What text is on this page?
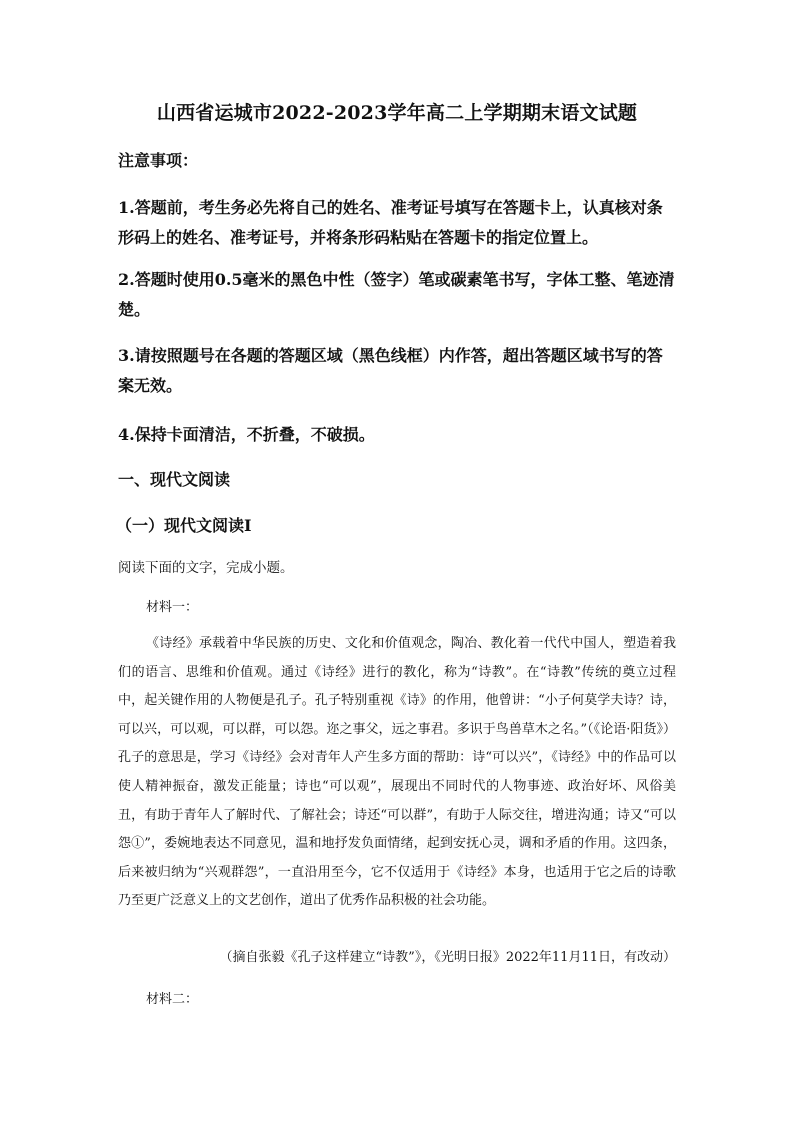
山西省运城市2022-2023学年高二上学期期末语文试题

注意事项：

1.答题前，考生务必先将自己的姓名、准考证号填写在答题卡上，认真核对条形码上的姓名、准考证号，并将条形码粘贴在答题卡的指定位置上。

2.答题时使用0.5毫米的黑色中性（签字）笔或碳素笔书写，字体工整、笔迹清楚。

3.请按照题号在各题的答题区域（黑色线框）内作答，超出答题区域书写的答案无效。

4.保持卡面清洁，不折叠，不破损。

一、现代文阅读

（一）现代文阅读Ⅰ

阅读下面的文字，完成小题。

材料一：

《诗经》承载着中华民族的历史、文化和价值观念，陶冶、教化着一代代中国人，塑造着我们的语言、思维和价值观。通过《诗经》进行的教化，称为“诗教”。在“诗教”传统的奠立过程中，起关键作用的人物便是孔子。孔子特别重视《诗》的作用，他曾讲：“小子何莫学夫诗？诗，可以兴，可以观，可以群，可以怨。迩之事父，远之事君。多识于鸟兽草木之名。”（《论语·阳货》）孔子的意思是，学习《诗经》会对青年人产生多方面的帮助：诗“可以兴”，《诗经》中的作品可以使人精神振奋，激发正能量；诗也“可以观”，展现出不同时代的人物事迹、政治好坏、风俗美丑，有助于青年人了解时代、了解社会；诗还“可以群”，有助于人际交往，增进沟通；诗又“可以怨①”，委婉地表达不同意见，温和地抒发负面情绪，起到安抚心灵，调和矛盾的作用。这四条，后来被归纳为“兴观群怨”，一直沿用至今，它不仅适用于《诗经》本身，也适用于它之后的诗歌乃至更广泛意义上的文艺创作，道出了优秀作品积极的社会功能。

（摘自张毅《孔子这样建立“诗教”》，《光明日报》2022年11月11日，有改动）

材料二：
